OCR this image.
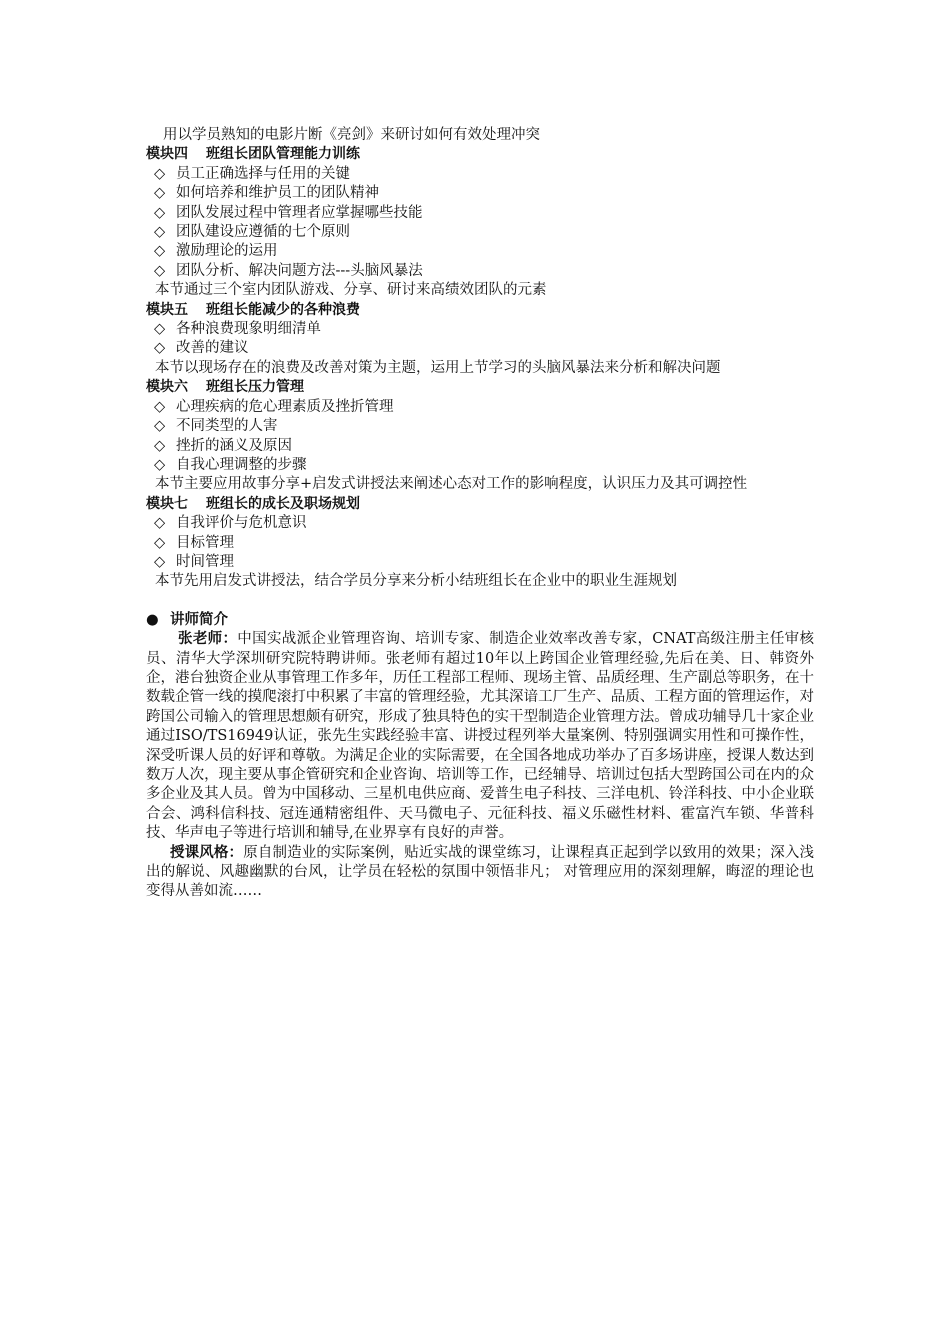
用以学员熟知的电影片断《亮剑》来研讨如何有效处理冲突
模块四 班组长团队管理能力训练
◇ 员工正确选择与任用的关键
◇ 如何培养和维护员工的团队精神
◇ 团队发展过程中管理者应掌握哪些技能
◇ 团队建设应遵循的七个原则
◇ 激励理论的运用
◇ 团队分析、解决问题方法---头脑风暴法
本节通过三个室内团队游戏、分享、研讨来高绩效团队的元素
模块五 班组长能减少的各种浪费
◇ 各种浪费现象明细清单
◇ 改善的建议
本节以现场存在的浪费及改善对策为主题，运用上节学习的头脑风暴法来分析和解决问题
模块六 班组长压力管理
◇ 心理疾病的危心理素质及挫折管理
◇ 不同类型的人害
◇ 挫折的涵义及原因
◇ 自我心理调整的步骤
本节主要应用故事分享+启发式讲授法来阐述心态对工作的影响程度，认识压力及其可调控性
模块七 班组长的成长及职场规划
◇ 自我评价与危机意识
◇ 目标管理
◇ 时间管理
本节先用启发式讲授法，结合学员分享来分析小结班组长在企业中的职业生涯规划
● 讲师简介

张老师：中国实战派企业管理咨询、培训专家、制造企业效率改善专家，CNAT高级注册主任审核员、清华大学深圳研究院特聘讲师。张老师有超过10年以上跨国企业管理经验,先后在美、日、韩资外企，港台独资企业从事管理工作多年，历任工程部工程师、现场主管、品质经理、生产副总等职务，在十数载企管一线的摸爬滚打中积累了丰富的管理经验，尤其深谙工厂生产、品质、工程方面的管理运作，对跨国公司输入的管理思想颇有研究，形成了独具特色的实干型制造企业管理方法。曾成功辅导几十家企业通过ISO/TS16949认证，张先生实践经验丰富、讲授过程列举大量案例、特别强调实用性和可操作性，深受听课人员的好评和尊敬。为满足企业的实际需要，在全国各地成功举办了百多场讲座，授课人数达到数万人次，现主要从事企管研究和企业咨询、培训等工作，已经辅导、培训过包括大型跨国公司在内的众多企业及其人员。曾为中国移动、三星机电供应商、爱普生电子科技、三洋电机、铃洋科技、中小企业联合会、鸿科信科技、冠连通精密组件、天马微电子、元征科技、福义乐磁性材料、霍富汽车锁、华普科技、华声电子等进行培训和辅导,在业界享有良好的声誉。

授课风格：原自制造业的实际案例，贴近实战的课堂练习，让课程真正起到学以致用的效果；深入浅出的解说、风趣幽默的台风，让学员在轻松的氛围中领悟非凡； 对管理应用的深刻理解，晦涩的理论也变得从善如流……
